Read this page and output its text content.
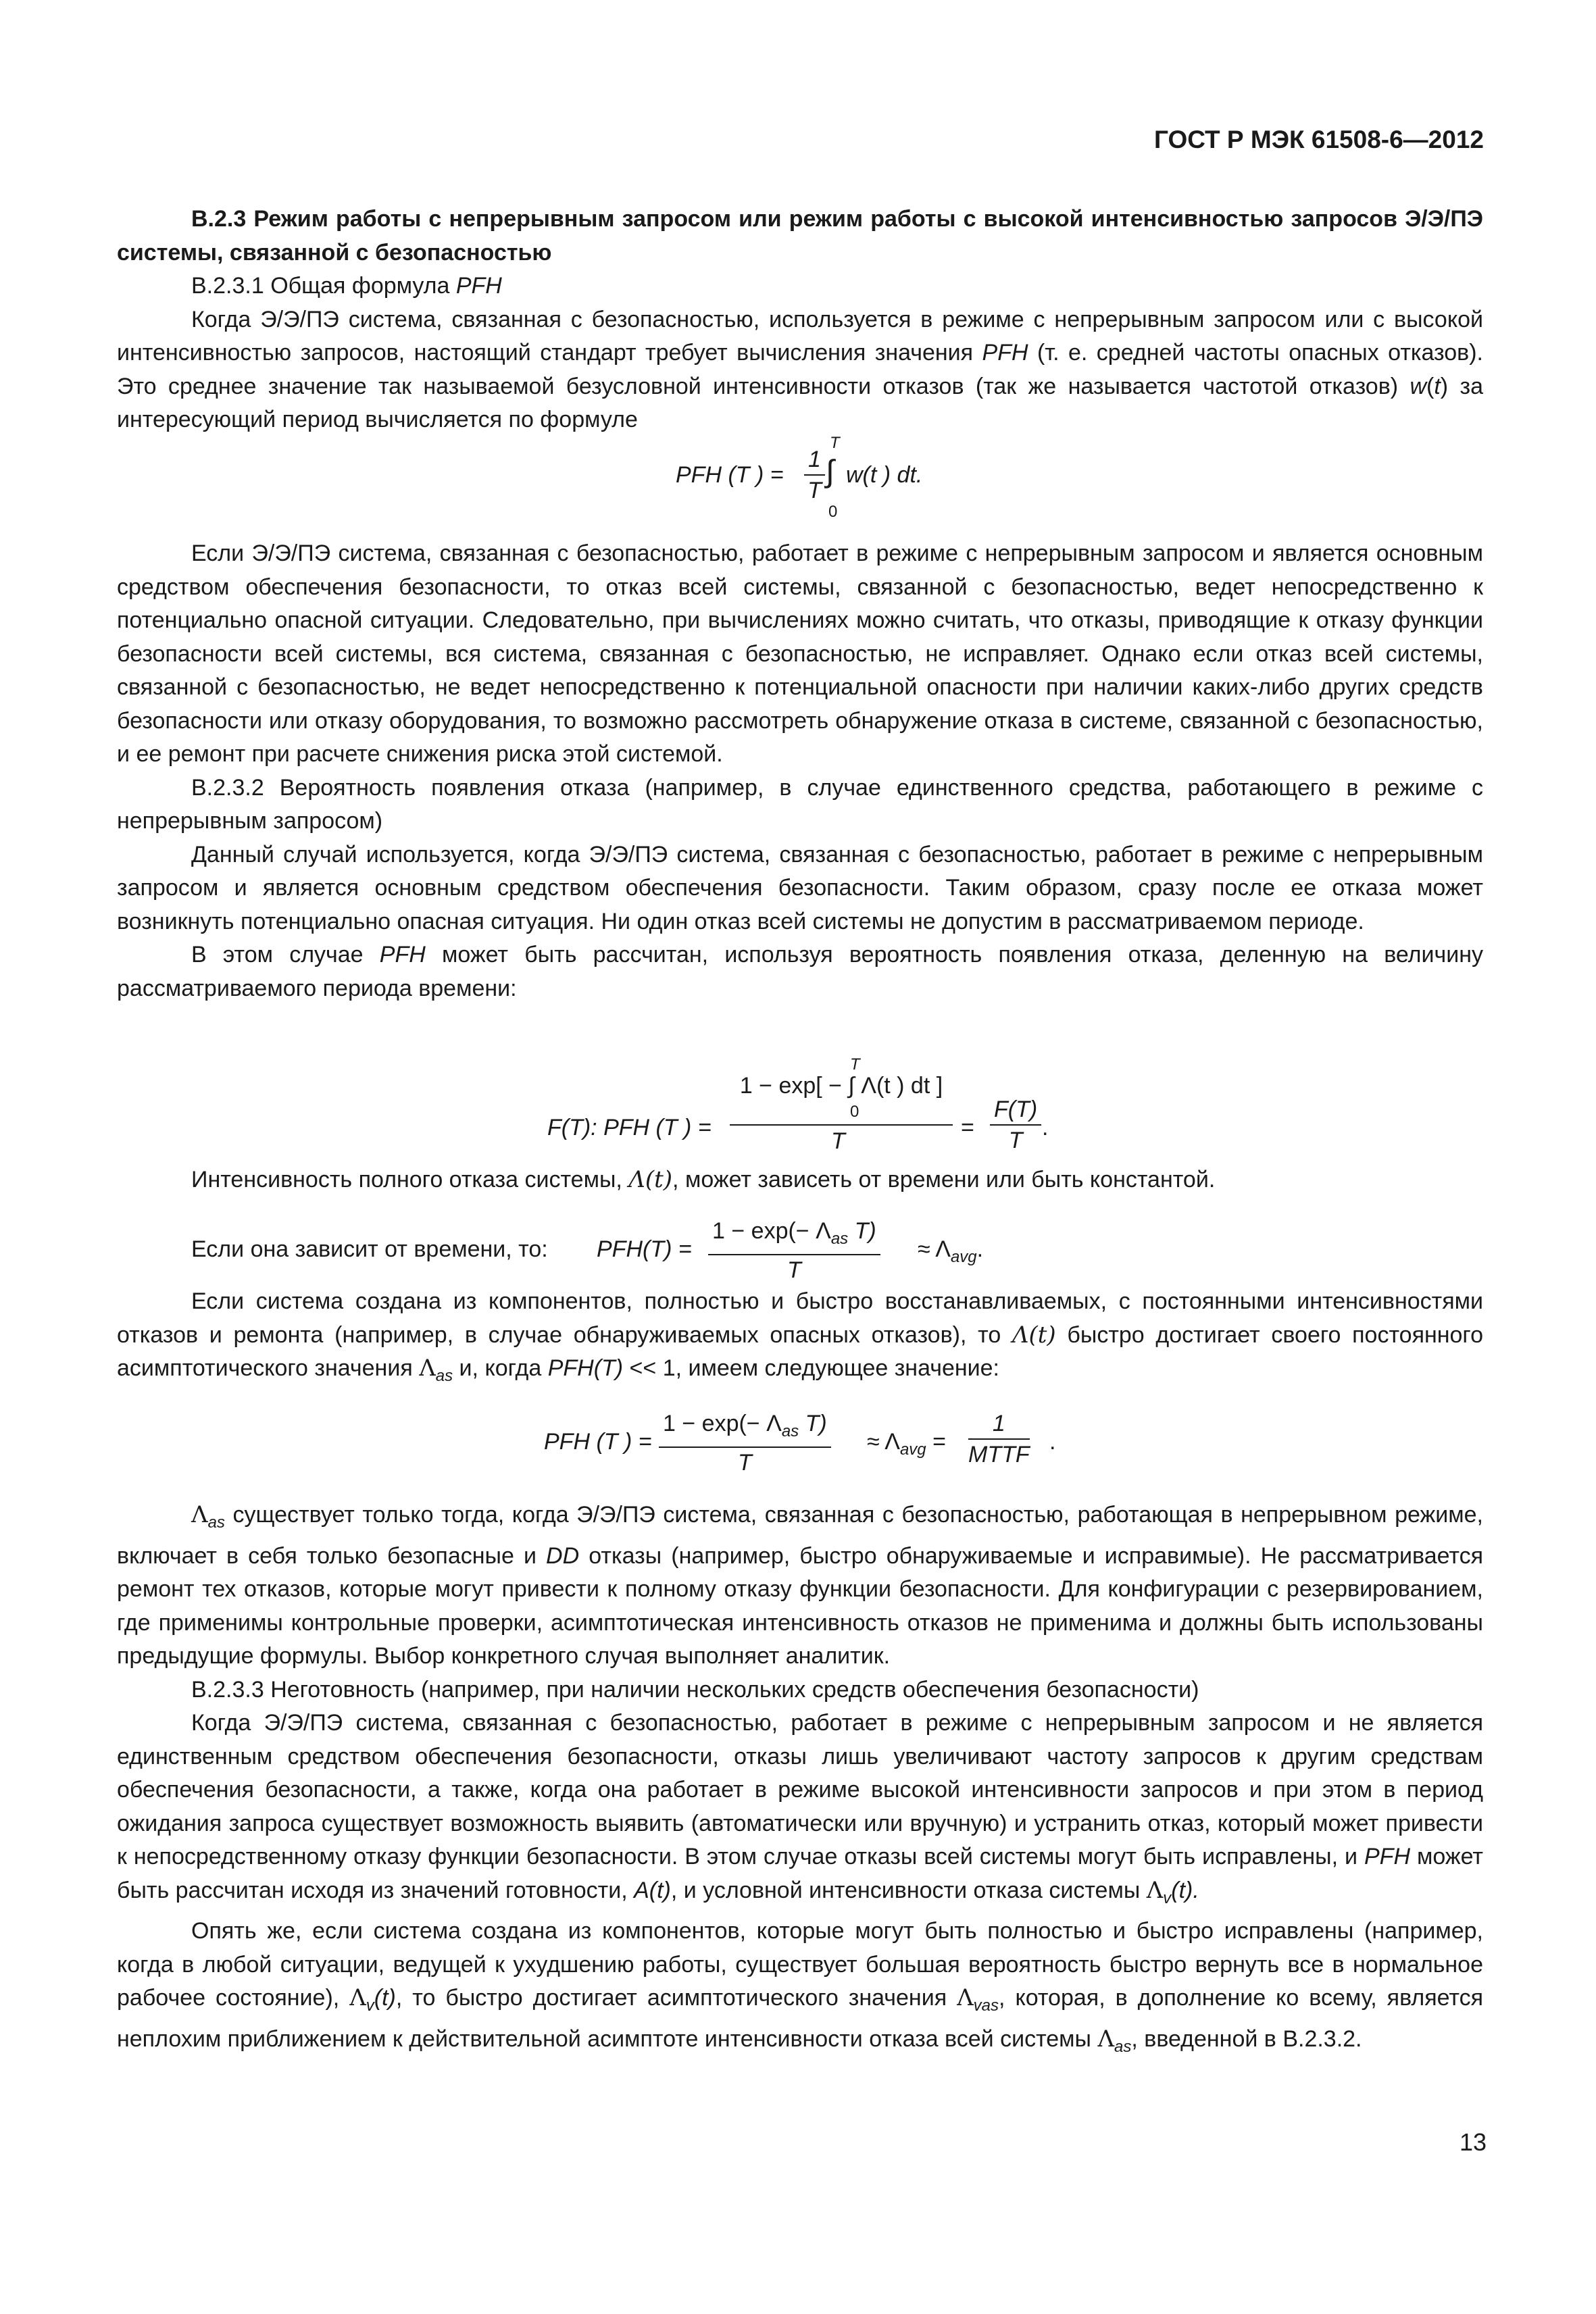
ГОСТ Р МЭК 61508-6—2012

В.2.3 Режим работы с непрерывным запросом или режим работы с высокой интенсивностью запросов Э/Э/ПЭ системы, связанной с безопасностью

В.2.3.1 Общая формула PFH

Когда Э/Э/ПЭ система, связанная с безопасностью, используется в режиме с непрерывным запросом или с высокой интенсивностью запросов, настоящий стандарт требует вычисления значения PFH (т. е. средней частоты опасных отказов). Это среднее значение так называемой безусловной интенсивности отказов (так же называется частотой отказов) w(t) за интересующий период вычисляется по формуле

PFH (T ) = $\frac{1}{T}$
T
∫
0
w(t ) dt.

Если Э/Э/ПЭ система, связанная с безопасностью, работает в режиме с непрерывным запросом и является основным средством обеспечения безопасности, то отказ всей системы, связанной с безопасностью, ведет непосредственно к потенциально опасной ситуации. Следовательно, при вычислениях можно считать, что отказы, приводящие к отказу функции безопасности всей системы, вся система, связанная с безопасностью, не исправляет. Однако если отказ всей системы, связанной с безопасностью, не ведет непосредственно к потенциальной опасности при наличии каких-либо других средств безопасности или отказу оборудования, то возможно рассмотреть обнаружение отказа в системе, связанной с безопасностью, и ее ремонт при расчете снижения риска этой системой.

В.2.3.2 Вероятность появления отказа (например, в случае единственного средства, работающего в режиме с непрерывным запросом)

Данный случай используется, когда Э/Э/ПЭ система, связанная с безопасностью, работает в режиме с непрерывным запросом и является основным средством обеспечения безопасности. Таким образом, сразу после ее отказа может возникнуть потенциально опасная ситуация. Ни один отказ всей системы не допустим в рассматриваемом периоде.

В этом случае PFH может быть рассчитан, используя вероятность появления отказа, деленную на величину рассматриваемого периода времени:

F(T): PFH (T ) =
1 − exp[ − ∫ Λ(t ) dt ]
T
0
T
= $\frac{F(T)}{T}$ .

Интенсивность полного отказа системы, Λ(t), может зависеть от времени или быть константой.

Если она зависит от времени, то: PFH(T) =
$1 - \exp(- \Lambda_{as}$ T)
T
≈ $\Lambda_{avg}$.

Если система создана из компонентов, полностью и быстро восстанавливаемых, с постоянными интенсивностями отказов и ремонта (например, в случае обнаруживаемых опасных отказов), то Λ(t) быстро достигает своего постоянного асимптотического значения $\Lambda_{as}$ и, когда PFH(T) << 1, имеем следующее значение:

PFH (T ) =
$1 - \exp(- \Lambda_{as}$ T)
T
≈ $\Lambda_{avg}$ =
1
MTTF .

$\Lambda_{as}$ существует только тогда, когда Э/Э/ПЭ система, связанная с безопасностью, работающая в непрерывном режиме, включает в себя только безопасные и DD отказы (например, быстро обнаруживаемые и исправимые). Не рассматривается ремонт тех отказов, которые могут привести к полному отказу функции безопасности. Для конфигурации с резервированием, где применимы контрольные проверки, асимптотическая интенсивность отказов не применима и должны быть использованы предыдущие формулы. Выбор конкретного случая выполняет аналитик.

В.2.3.3 Неготовность (например, при наличии нескольких средств обеспечения безопасности)

Когда Э/Э/ПЭ система, связанная с безопасностью, работает в режиме с непрерывным запросом и не является единственным средством обеспечения безопасности, отказы лишь увеличивают частоту запросов к другим средствам обеспечения безопасности, а также, когда она работает в режиме высокой интенсивности запросов и при этом в период ожидания запроса существует возможность выявить (автоматически или вручную) и устранить отказ, который может привести к непосредственному отказу функции безопасности. В этом случае отказы всей системы могут быть исправлены, и PFH может быть рассчитан исходя из значений готовности, A(t), и условной интенсивности отказа системы $\Lambda_v(t)$.

Опять же, если система создана из компонентов, которые могут быть полностью и быстро исправлены (например, когда в любой ситуации, ведущей к ухудшению работы, существует большая вероятность быстро вернуть все в нормальное рабочее состояние), $\Lambda_v(t)$, то быстро достигает асимптотического значения $\Lambda_{vas}$, которая, в дополнение ко всему, является неплохим приближением к действительной асимптоте интенсивности отказа всей системы $\Lambda_{as}$, введенной в В.2.3.2.

13
